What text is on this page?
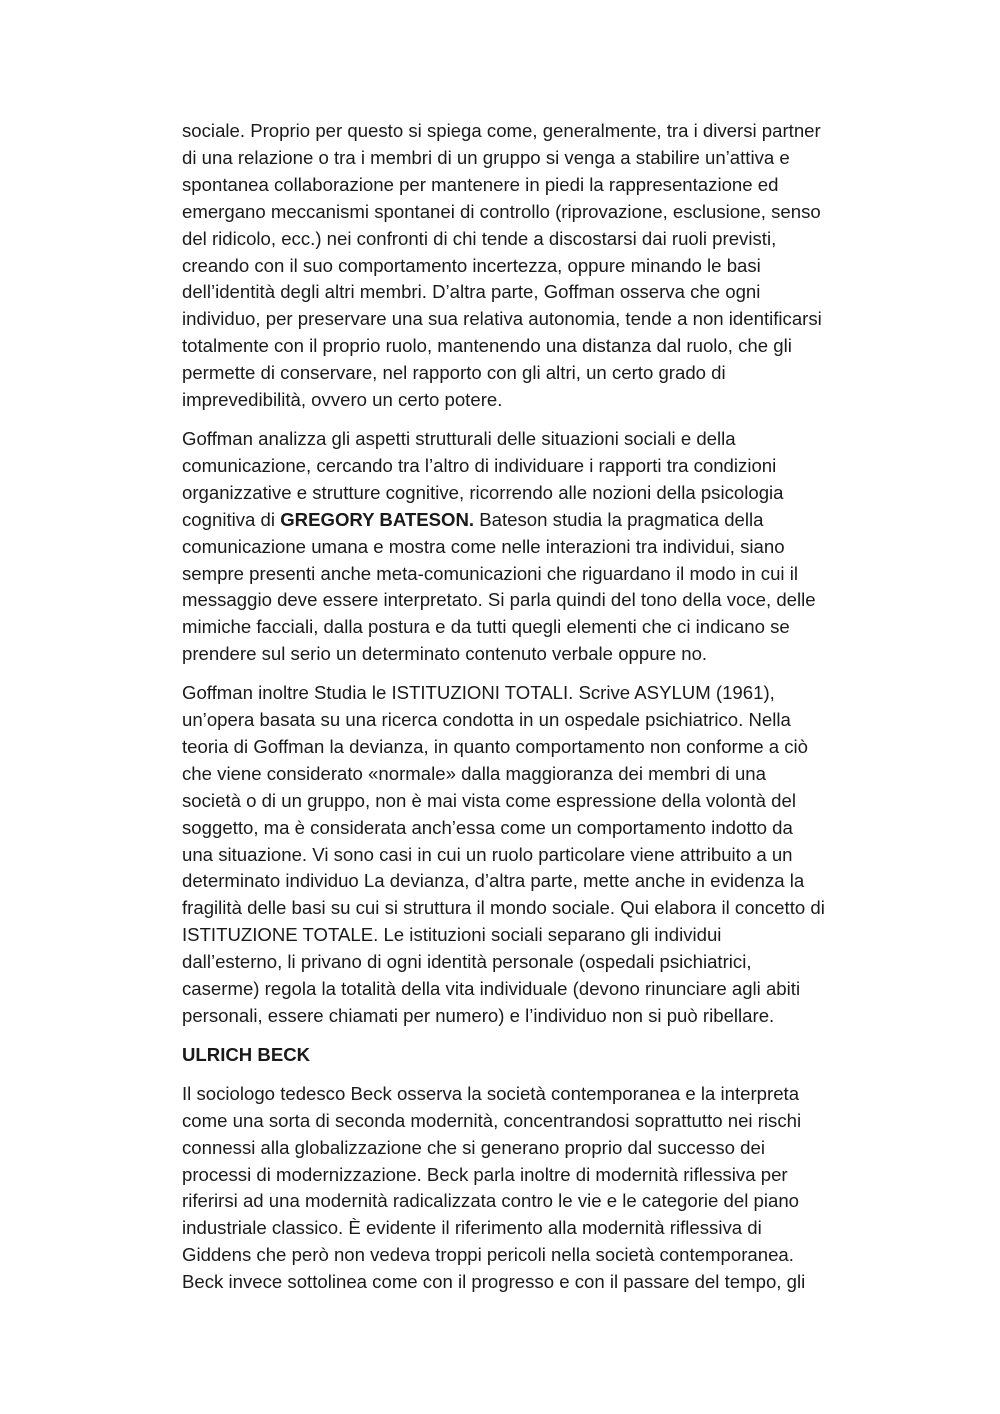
sociale. Proprio per questo si spiega come, generalmente, tra i diversi partner
di una relazione o tra i membri di un gruppo si venga a stabilire un’attiva e
spontanea collaborazione per mantenere in piedi la rappresentazione ed
emergano meccanismi spontanei di controllo (riprovazione, esclusione, senso
del ridicolo, ecc.) nei confronti di chi tende a discostarsi dai ruoli previsti,
creando con il suo comportamento incertezza, oppure minando le basi
dell’identità degli altri membri. D’altra parte, Goffman osserva che ogni
individuo, per preservare una sua relativa autonomia, tende a non identificarsi
totalmente con il proprio ruolo, mantenendo una distanza dal ruolo, che gli
permette di conservare, nel rapporto con gli altri, un certo grado di
imprevedibilità, ovvero un certo potere.

Goffman analizza gli aspetti strutturali delle situazioni sociali e della
comunicazione, cercando tra l’altro di individuare i rapporti tra condizioni
organizzative e strutture cognitive, ricorrendo alle nozioni della psicologia
cognitiva di GREGORY BATESON. Bateson studia la pragmatica della
comunicazione umana e mostra come nelle interazioni tra individui, siano
sempre presenti anche meta-comunicazioni che riguardano il modo in cui il
messaggio deve essere interpretato. Si parla quindi del tono della voce, delle
mimiche facciali, dalla postura e da tutti quegli elementi che ci indicano se
prendere sul serio un determinato contenuto verbale oppure no.

Goffman inoltre Studia le ISTITUZIONI TOTALI. Scrive ASYLUM (1961),
un’opera basata su una ricerca condotta in un ospedale psichiatrico. Nella
teoria di Goffman la devianza, in quanto comportamento non conforme a ciò
che viene considerato «normale» dalla maggioranza dei membri di una
società o di un gruppo, non è mai vista come espressione della volontà del
soggetto, ma è considerata anch’essa come un comportamento indotto da
una situazione. Vi sono casi in cui un ruolo particolare viene attribuito a un
determinato individuo La devianza, d’altra parte, mette anche in evidenza la
fragilità delle basi su cui si struttura il mondo sociale. Qui elabora il concetto di
ISTITUZIONE TOTALE. Le istituzioni sociali separano gli individui
dall’esterno, li privano di ogni identità personale (ospedali psichiatrici,
caserme) regola la totalità della vita individuale (devono rinunciare agli abiti
personali, essere chiamati per numero) e l’individuo non si può ribellare.

ULRICH BECK

Il sociologo tedesco Beck osserva la società contemporanea e la interpreta
come una sorta di seconda modernità, concentrandosi soprattutto nei rischi
connessi alla globalizzazione che si generano proprio dal successo dei
processi di modernizzazione. Beck parla inoltre di modernità riflessiva per
riferirsi ad una modernità radicalizzata contro le vie e le categorie del piano
industriale classico. È evidente il riferimento alla modernità riflessiva di
Giddens che però non vedeva troppi pericoli nella società contemporanea.
Beck invece sottolinea come con il progresso e con il passare del tempo, gli
